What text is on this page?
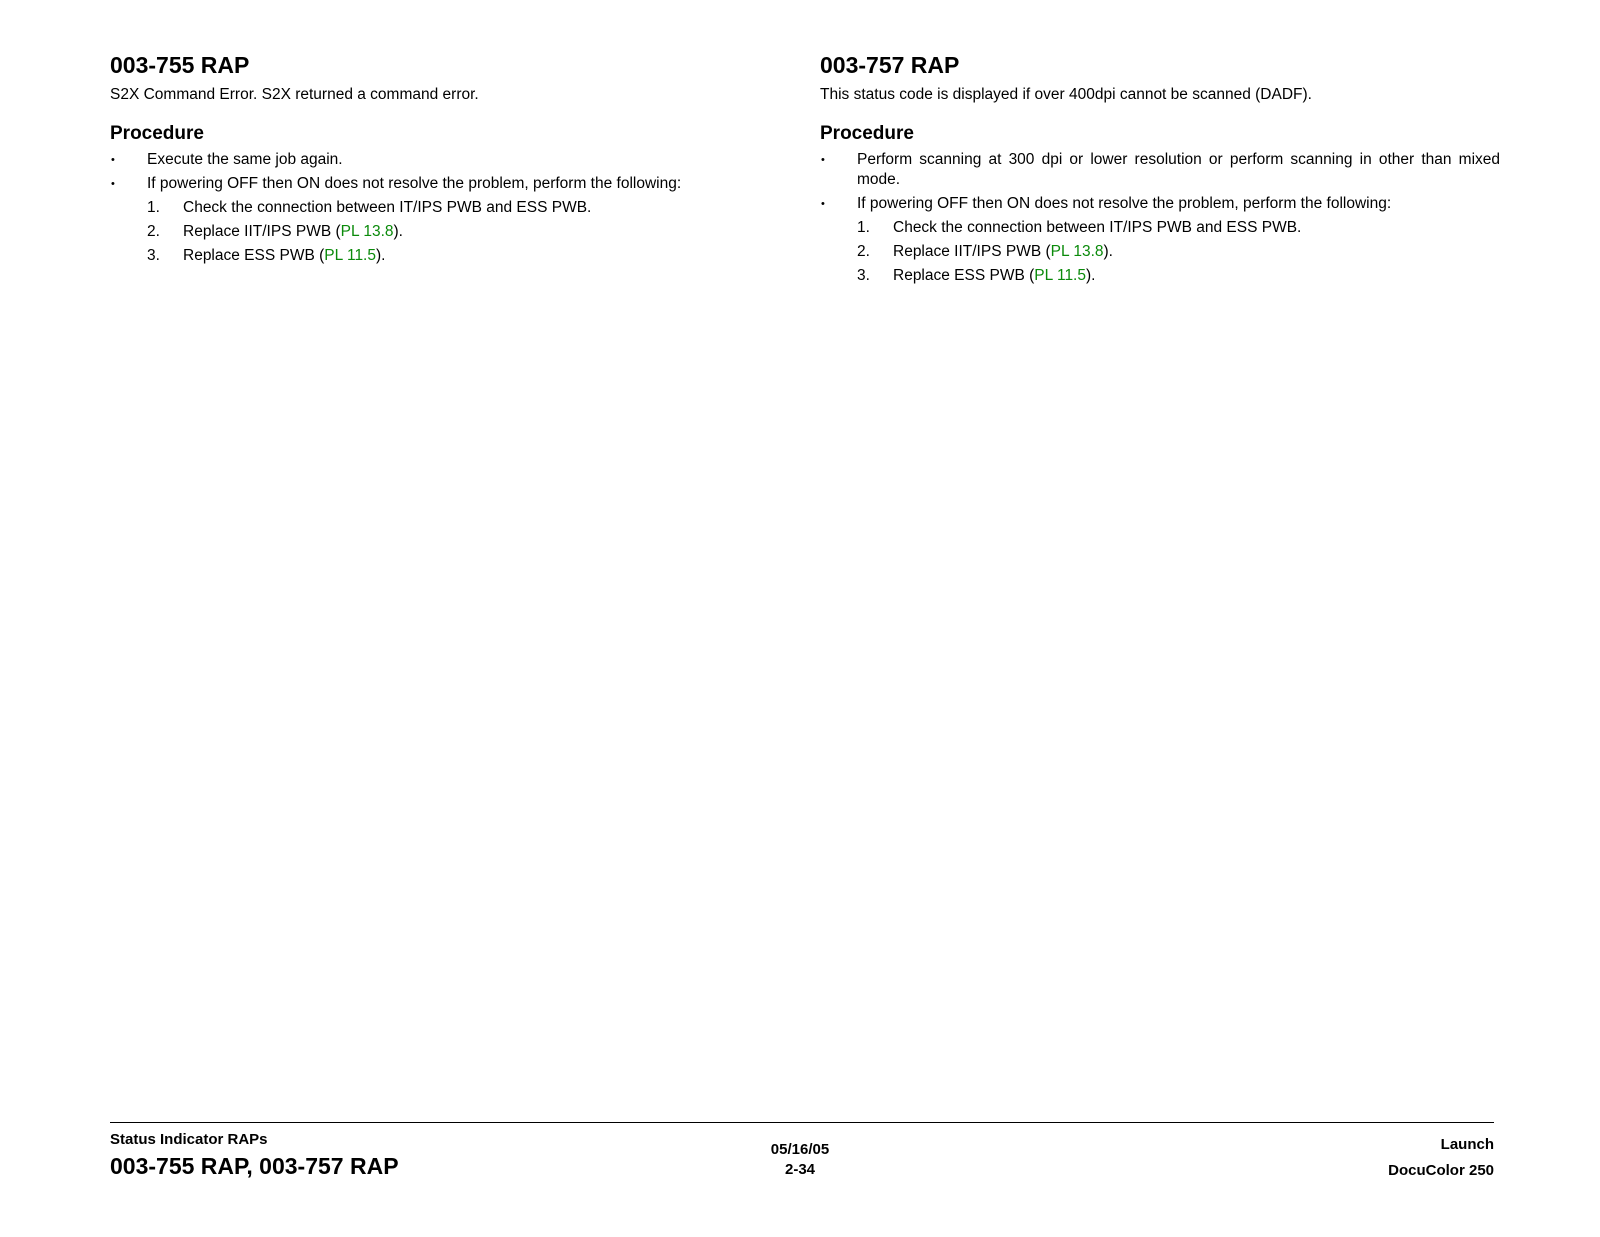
003-755 RAP

S2X Command Error. S2X returned a command error.

Procedure
• Execute the same job again.
• If powering OFF then ON does not resolve the problem, perform the following:
1. Check the connection between IT/IPS PWB and ESS PWB.
2. Replace IIT/IPS PWB (PL 13.8).
3. Replace ESS PWB (PL 11.5).
003-757 RAP

This status code is displayed if over 400dpi cannot be scanned (DADF).

Procedure
• Perform scanning at 300 dpi or lower resolution or perform scanning in other than mixed mode.
• If powering OFF then ON does not resolve the problem, perform the following:
1. Check the connection between IT/IPS PWB and ESS PWB.
2. Replace IIT/IPS PWB (PL 13.8).
3. Replace ESS PWB (PL 11.5).
Status Indicator RAPs
003-755 RAP, 003-757 RAP
05/16/05
2-34
Launch
DocuColor 250
